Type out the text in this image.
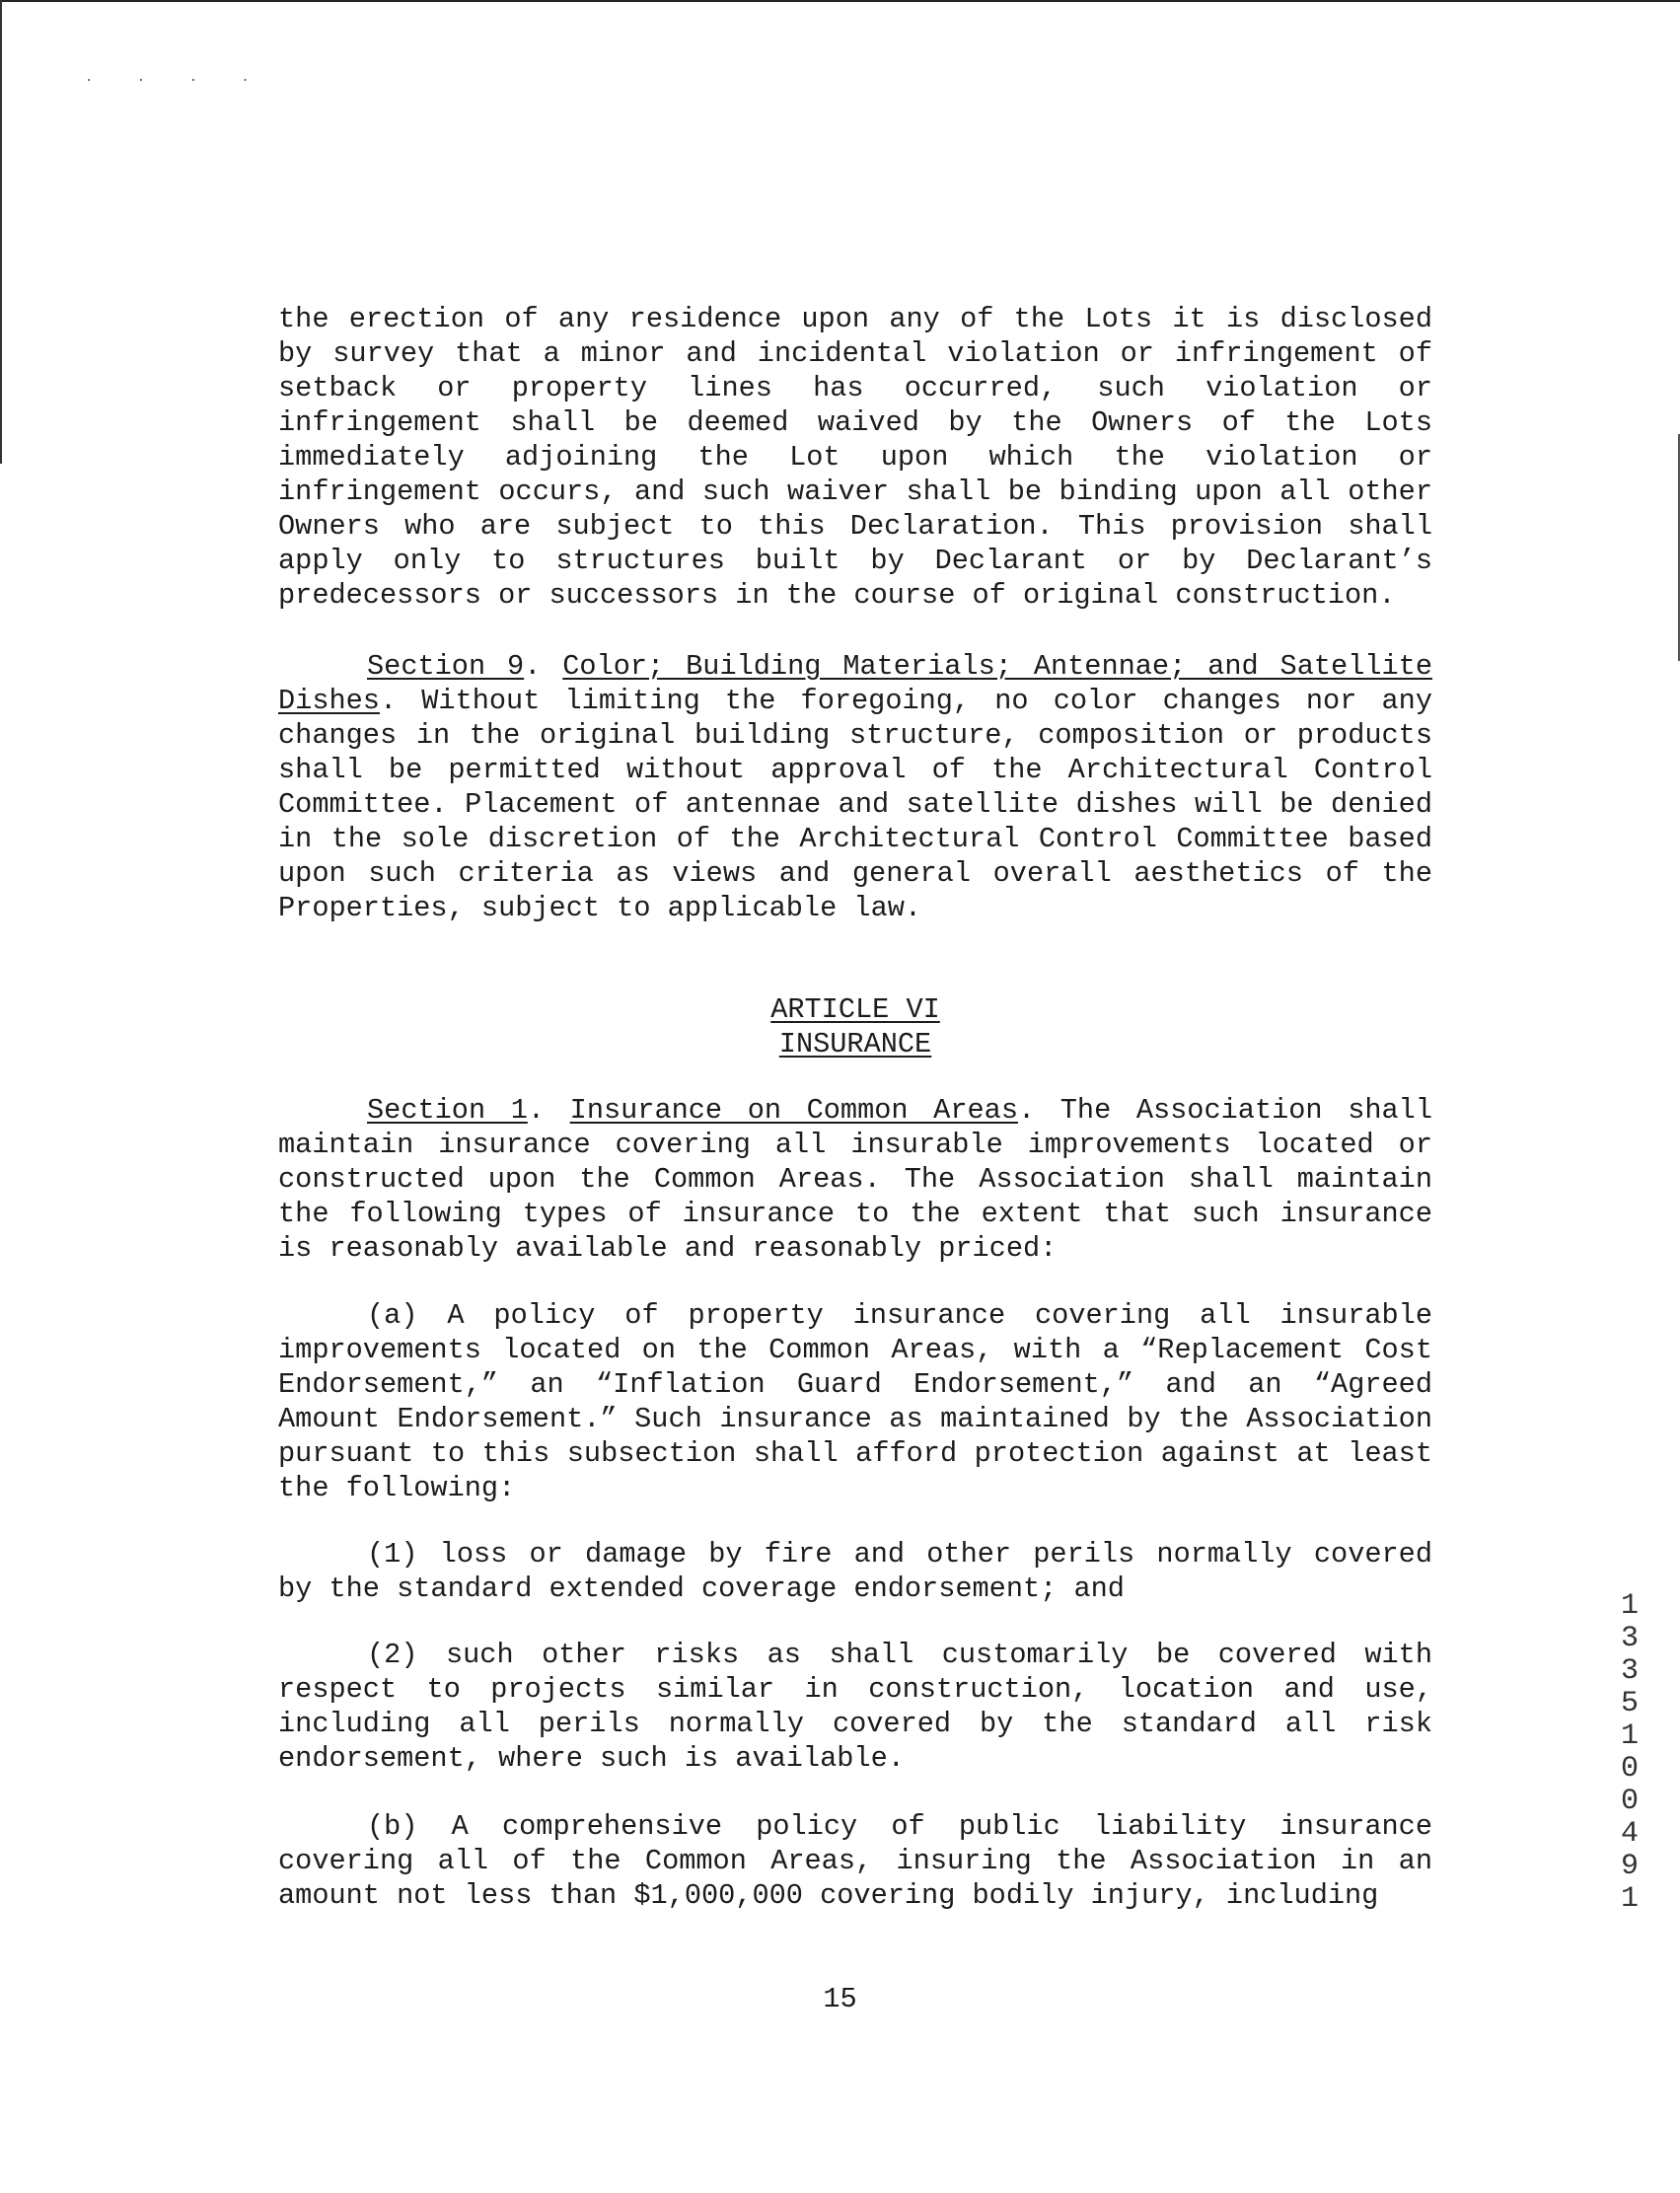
· · · ·
the erection of any residence upon any of the Lots it is disclosed by survey that a minor and incidental violation or infringement of setback or property lines has occurred, such violation or infringement shall be deemed waived by the Owners of the Lots immediately adjoining the Lot upon which the violation or infringement occurs, and such waiver shall be binding upon all other Owners who are subject to this Declaration. This provision shall apply only to structures built by Declarant or by Declarant’s predecessors or successors in the course of original construction.
Section 9. Color; Building Materials; Antennae; and Satellite Dishes. Without limiting the foregoing, no color changes nor any changes in the original building structure, composition or products shall be permitted without approval of the Architectural Control Committee. Placement of antennae and satellite dishes will be denied in the sole discretion of the Architectural Control Committee based upon such criteria as views and general overall aesthetics of the Properties, subject to applicable law.
ARTICLE VI
INSURANCE
Section 1. Insurance on Common Areas. The Association shall maintain insurance covering all insurable improvements located or constructed upon the Common Areas. The Association shall maintain the following types of insurance to the extent that such insurance is reasonably available and reasonably priced:
(a) A policy of property insurance covering all insurable improvements located on the Common Areas, with a “Replacement Cost Endorsement,” an “Inflation Guard Endorsement,” and an “Agreed Amount Endorsement.” Such insurance as maintained by the Association pursuant to this subsection shall afford protection against at least the following:
(1) loss or damage by fire and other perils normally covered by the standard extended coverage endorsement; and
(2) such other risks as shall customarily be covered with respect to projects similar in construction, location and use, including all perils normally covered by the standard all risk endorsement, where such is available.
(b) A comprehensive policy of public liability insurance covering all of the Common Areas, insuring the Association in an amount not less than $1,000,000 covering bodily injury, including
15
1
3
3
5
1
0
0
4
9
1
